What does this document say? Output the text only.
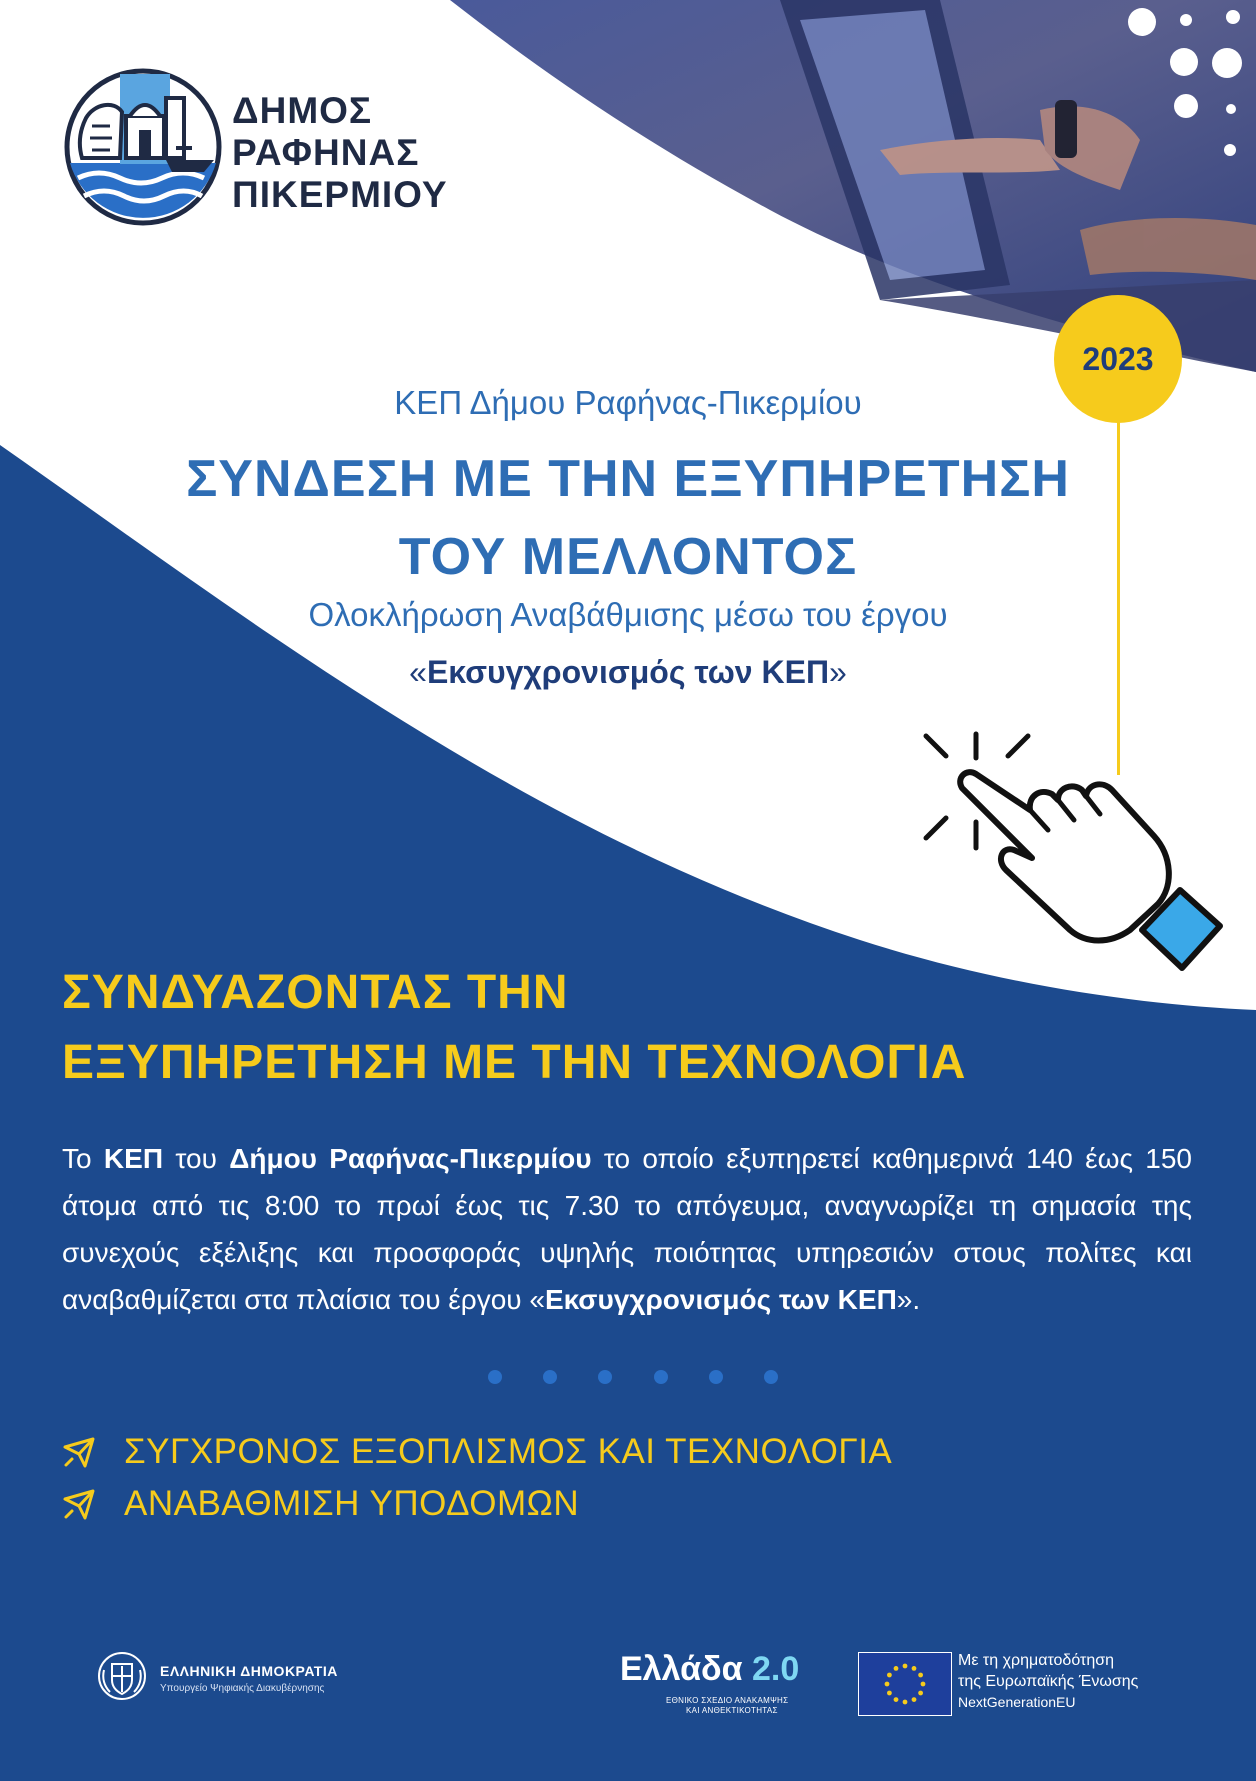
ΔΗΜΟΣ
ΡΑΦΗΝΑΣ
ΠΙΚΕΡΜΙΟΥ
2023
ΚΕΠ Δήμου Ραφήνας-Πικερμίου
ΣΥΝΔΕΣΗ ΜΕ ΤΗΝ ΕΞΥΠΗΡΕΤΗΣΗ
ΤΟΥ ΜΕΛΛΟΝΤΟΣ
Ολοκλήρωση Αναβάθμισης μέσω του έργου
«Εκσυγχρονισμός των ΚΕΠ»
ΣΥΝΔΥΑΖΟΝΤΑΣ ΤΗΝ
ΕΞΥΠΗΡΕΤΗΣΗ ΜΕ ΤΗΝ ΤΕΧΝΟΛΟΓΙΑ
Το ΚΕΠ του Δήμου Ραφήνας-Πικερμίου το οποίο εξυπηρετεί καθημερινά 140 έως 150 άτομα από τις 8:00 το πρωί έως τις 7.30 το απόγευμα, αναγνωρίζει τη σημασία της συνεχούς εξέλιξης και προσφοράς υψηλής ποιότητας υπηρεσιών στους πολίτες και αναβαθμίζεται στα πλαίσια του έργου «Εκσυγχρονισμός των ΚΕΠ».
ΣΥΓΧΡΟΝΟΣ ΕΞΟΠΛΙΣΜΟΣ ΚΑΙ ΤΕΧΝΟΛΟΓΙΑ
ΑΝΑΒΑΘΜΙΣΗ ΥΠΟΔΟΜΩΝ
ΕΛΛΗΝΙΚΗ ΔΗΜΟΚΡΑΤΙΑ
Υπουργείο Ψηφιακής Διακυβέρνησης
Ελλάδα 2.0
ΕΘΝΙΚΟ ΣΧΕΔΙΟ ΑΝΑΚΑΜΨΗΣ
ΚΑΙ ΑΝΘΕΚΤΙΚΟΤΗΤΑΣ
Με τη χρηματοδότηση
της Ευρωπαϊκής Ένωσης
NextGenerationEU
